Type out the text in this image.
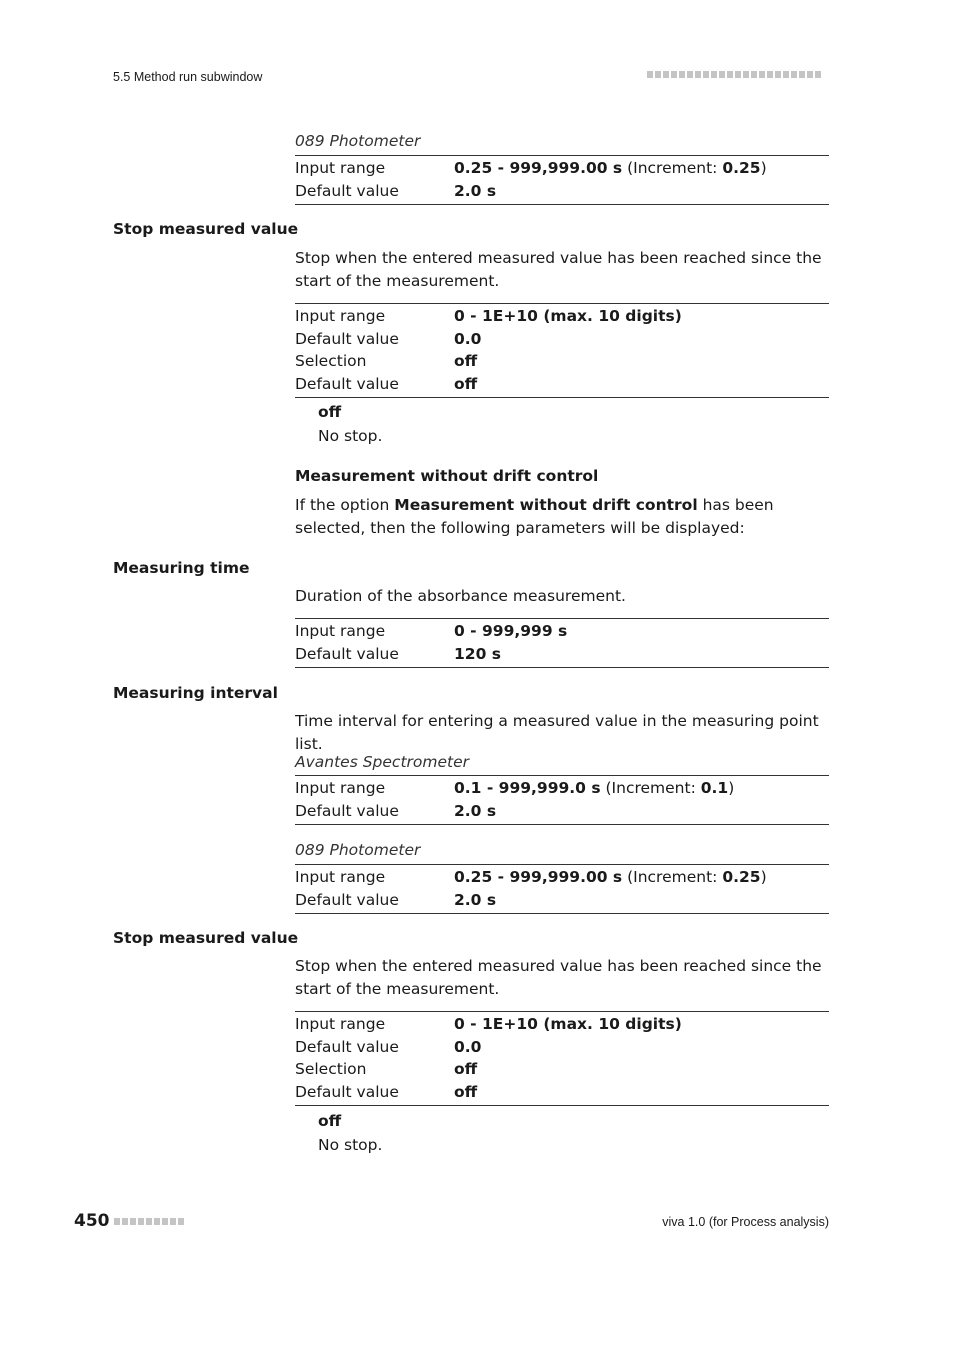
5.5 Method run subwindow
089 Photometer
Input range	0.25 - 999,999.00 s (Increment: 0.25)
Default value	2.0 s
Stop measured value
Stop when the entered measured value has been reached since the start of the measurement.
Input range	0 - 1E+10 (max. 10 digits)
Default value	0.0
Selection	off
Default value	off
off
No stop.
Measurement without drift control
If the option Measurement without drift control has been selected, then the following parameters will be displayed:
Measuring time
Duration of the absorbance measurement.
Input range	0 - 999,999 s
Default value	120 s
Measuring interval
Time interval for entering a measured value in the measuring point list.
Avantes Spectrometer
Input range	0.1 - 999,999.0 s (Increment: 0.1)
Default value	2.0 s
089 Photometer
Input range	0.25 - 999,999.00 s (Increment: 0.25)
Default value	2.0 s
Stop measured value
Stop when the entered measured value has been reached since the start of the measurement.
Input range	0 - 1E+10 (max. 10 digits)
Default value	0.0
Selection	off
Default value	off
off
No stop.
450	viva 1.0 (for Process analysis)
